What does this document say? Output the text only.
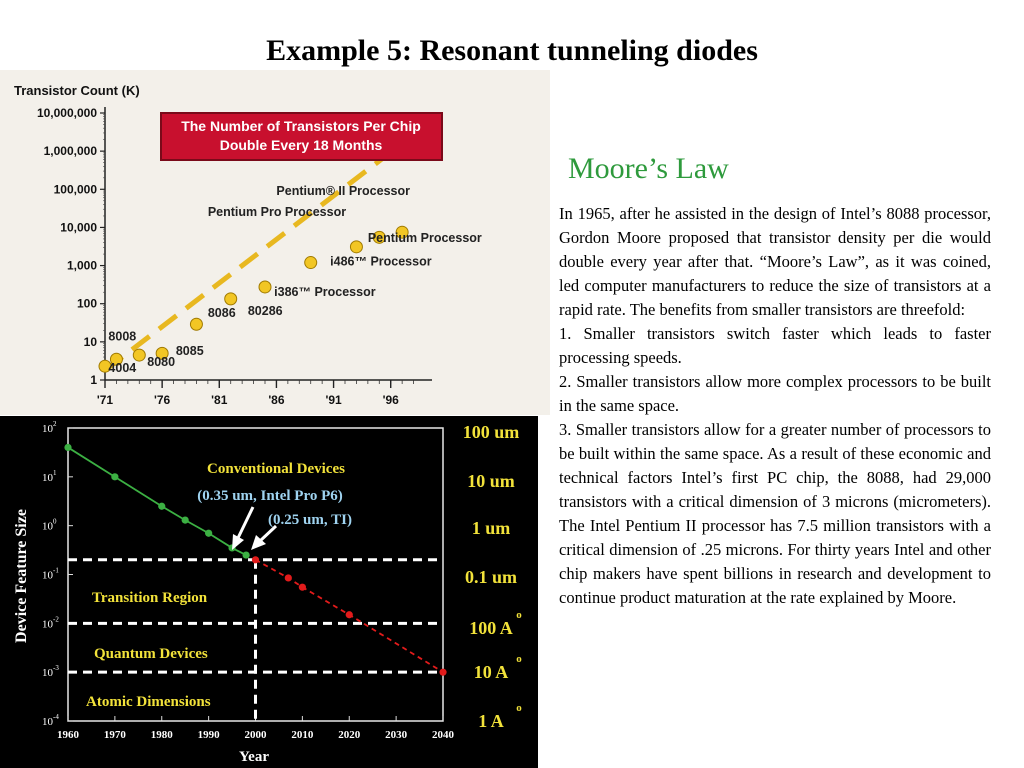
Example 5: Resonant tunneling diodes
Transistor Count (K)
1
10
100
1,000
10,000
100,000
1,000,000
10,000,000
'71	'76	'81	'86	'91	'96
4004
8008
8080
8085
8086 80286
i386™ Processor
i486™ Processor
Pentium Processor
Pentium Pro Processor
Pentium® II Processor
The Number of Transistors Per Chip
Double Every 18 Months
1960 1970 1980 1990 2000 2010 2020 2030 2040
$10^2$
$10^1$
$10^0$
$10^{-1}$
$10^{-2}$
$10^{-3}$
$10^{-4}$
Year
Device Feature Size
Conventional Devices
(0.35 um, Intel Pro P6)
(0.25 um, TI)
Transition Region
Quantum Devices
Atomic Dimensions
100 um
10 um
1 um
0.1 um
100 A
o
10 A
o
1 A
o
Moore’s Law

In 1965, after he assisted in the design of Intel’s 8088 processor, Gordon Moore proposed that transistor density per die would double every year after that. “Moore’s Law”, as it was coined, led computer manufacturers to reduce the size of transistors at a rapid rate. The benefits from smaller transistors are threefold:

1. Smaller transistors switch faster which leads to faster processing speeds.

2. Smaller transistors allow more complex processors to be built in the same space.

3. Smaller transistors allow for a greater number of processors to be built within the same space. As a result of these economic and technical factors Intel’s first PC chip, the 8088, had 29,000 transistors with a critical dimension of 3 microns (micrometers). The Intel Pentium II processor has 7.5 million transistors with a critical dimension of .25 microns. For thirty years Intel and other chip makers have spent billions in research and development to continue product maturation at the rate explained by Moore.
